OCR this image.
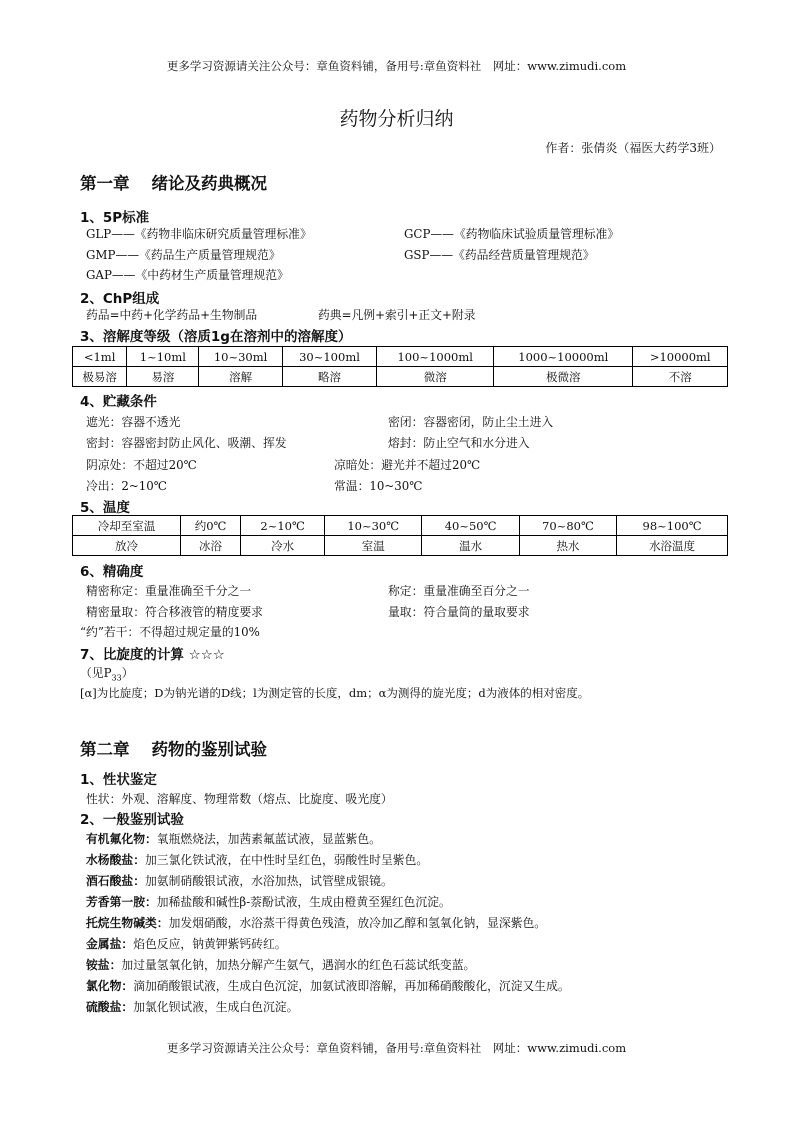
更多学习资源请关注公众号：章鱼资料铺，备用号:章鱼资料社　网址：www.zimudi.com
药物分析归纳
作者：张倩炎（福医大药学3班）
第一章 绪论及药典概况
1、5P标准
GLP——《药物非临床研究质量管理标准》	GCP——《药物临床试验质量管理标准》
GMP——《药品生产质量管理规范》	GSP——《药品经营质量管理规范》
GAP——《中药材生产质量管理规范》
2、ChP组成
药品=中药+化学药品+生物制品	药典=凡例+索引+正文+附录
3、溶解度等级（溶质1g在溶剂中的溶解度）
<1ml	1~10ml	10~30ml	30~100ml	100~1000ml	1000~10000ml	>10000ml
极易溶	易溶	溶解	略溶	微溶	极微溶	不溶
4、贮藏条件
遮光：容器不透光	密闭：容器密闭，防止尘土进入
密封：容器密封防止风化、吸潮、挥发	熔封：防止空气和水分进入
阴凉处：不超过20℃	凉暗处：避光并不超过20℃
冷出：2~10℃	常温：10~30℃
5、温度
冷却至室温	约0℃	2~10℃	10~30℃	40~50℃	70~80℃	98~100℃
放冷	冰浴	冷水	室温	温水	热水	水浴温度
6、精确度
精密称定：重量准确至千分之一	称定：重量准确至百分之一
精密量取：符合移液管的精度要求	量取：符合量筒的量取要求
“约”若干：不得超过规定量的10%
7、比旋度的计算 ☆☆☆
（见$P_{33}$）
[α]为比旋度；D为钠光谱的D线；l为测定管的长度，dm；α为测得的旋光度；d为液体的相对密度。
第二章 药物的鉴别试验
1、性状鉴定
性状：外观、溶解度、物理常数（熔点、比旋度、吸光度）
2、一般鉴别试验
有机氟化物：氧瓶燃烧法，加茜素氟蓝试液，显蓝紫色。
水杨酸盐：加三氯化铁试液，在中性时呈红色，弱酸性时呈紫色。
酒石酸盐：加氨制硝酸银试液，水浴加热，试管壁成银镜。
芳香第一胺：加稀盐酸和碱性β-萘酚试液，生成由橙黄至猩红色沉淀。
托烷生物碱类：加发烟硝酸，水浴蒸干得黄色残渣，放冷加乙醇和氢氧化钠，显深紫色。
金属盐：焰色反应，钠黄钾紫钙砖红。
铵盐：加过量氢氧化钠，加热分解产生氨气，遇润水的红色石蕊试纸变蓝。
氯化物：滴加硝酸银试液，生成白色沉淀，加氨试液即溶解，再加稀硝酸酸化，沉淀又生成。
硫酸盐：加氯化钡试液，生成白色沉淀。
更多学习资源请关注公众号：章鱼资料铺，备用号:章鱼资料社　网址：www.zimudi.com
